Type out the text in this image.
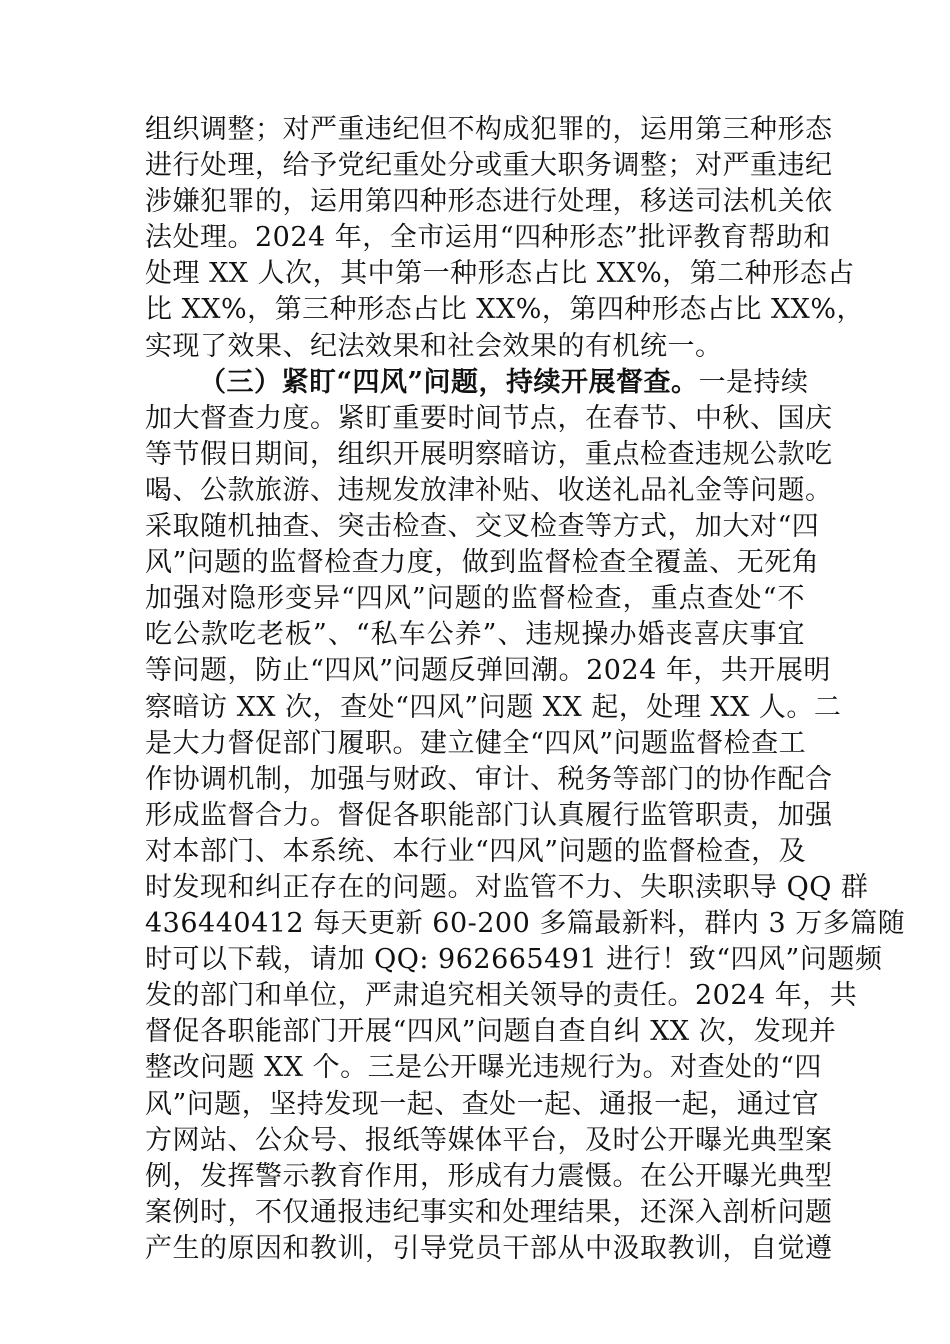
组织调整；对严重违纪但不构成犯罪的，运用第三种形态
进行处理，给予党纪重处分或重大职务调整；对严重违纪
涉嫌犯罪的，运用第四种形态进行处理，移送司法机关依
法处理。2024 年，全市运用“四种形态”批评教育帮助和
处理 XX 人次，其中第一种形态占比 XX%，第二种形态占
比 XX%，第三种形态占比 XX%，第四种形态占比 XX%，
实现了效果、纪法效果和社会效果的有机统一。
（三）紧盯“四风”问题，持续开展督查。一是持续
加大督查力度。紧盯重要时间节点，在春节、中秋、国庆
等节假日期间，组织开展明察暗访，重点检查违规公款吃
喝、公款旅游、违规发放津补贴、收送礼品礼金等问题。
采取随机抽查、突击检查、交叉检查等方式，加大对“四
风”问题的监督检查力度，做到监督检查全覆盖、无死角
加强对隐形变异“四风”问题的监督检查，重点查处“不
吃公款吃老板”、“私车公养”、违规操办婚丧喜庆事宜
等问题，防止“四风”问题反弹回潮。2024 年，共开展明
察暗访 XX 次，查处“四风”问题 XX 起，处理 XX 人。二
是大力督促部门履职。建立健全“四风”问题监督检查工
作协调机制，加强与财政、审计、税务等部门的协作配合
形成监督合力。督促各职能部门认真履行监管职责，加强
对本部门、本系统、本行业“四风”问题的监督检查，及
时发现和纠正存在的问题。对监管不力、失职渎职导 QQ 群
436440412 每天更新 60-200 多篇最新料，群内 3 万多篇随
时可以下载，请加 QQ: 962665491 进行！致“四风”问题频
发的部门和单位，严肃追究相关领导的责任。2024 年，共
督促各职能部门开展“四风”问题自查自纠 XX 次，发现并
整改问题 XX 个。三是公开曝光违规行为。对查处的“四
风”问题，坚持发现一起、查处一起、通报一起，通过官
方网站、公众号、报纸等媒体平台，及时公开曝光典型案
例，发挥警示教育作用，形成有力震慑。在公开曝光典型
案例时，不仅通报违纪事实和处理结果，还深入剖析问题
产生的原因和教训，引导党员干部从中汲取教训，自觉遵
